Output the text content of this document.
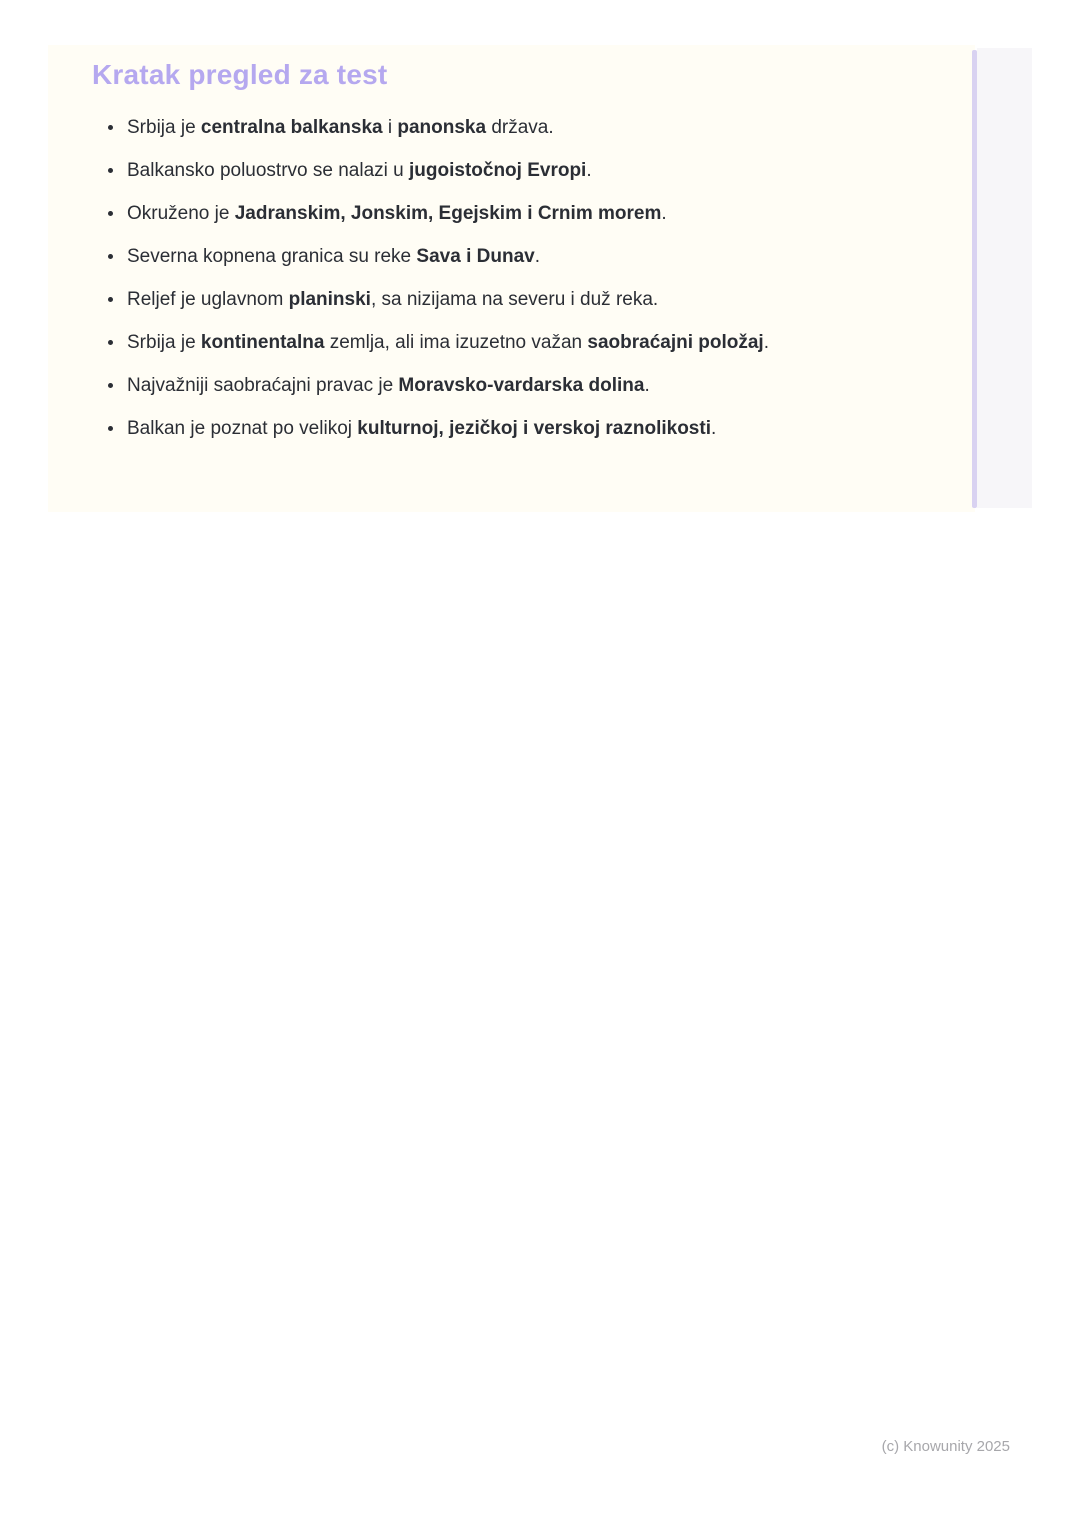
Kratak pregled za test
• Srbija je centralna balkanska i panonska država.
• Balkansko poluostrvo se nalazi u jugoistočnoj Evropi.
• Okruženo je Jadranskim, Jonskim, Egejskim i Crnim morem.
• Severna kopnena granica su reke Sava i Dunav.
• Reljef je uglavnom planinski, sa nizijama na severu i duž reka.
• Srbija je kontinentalna zemlja, ali ima izuzetno važan saobraćajni položaj.
• Najvažniji saobraćajni pravac je Moravsko-vardarska dolina.
• Balkan je poznat po velikoj kulturnoj, jezičkoj i verskoj raznolikosti.
(c) Knowunity 2025
